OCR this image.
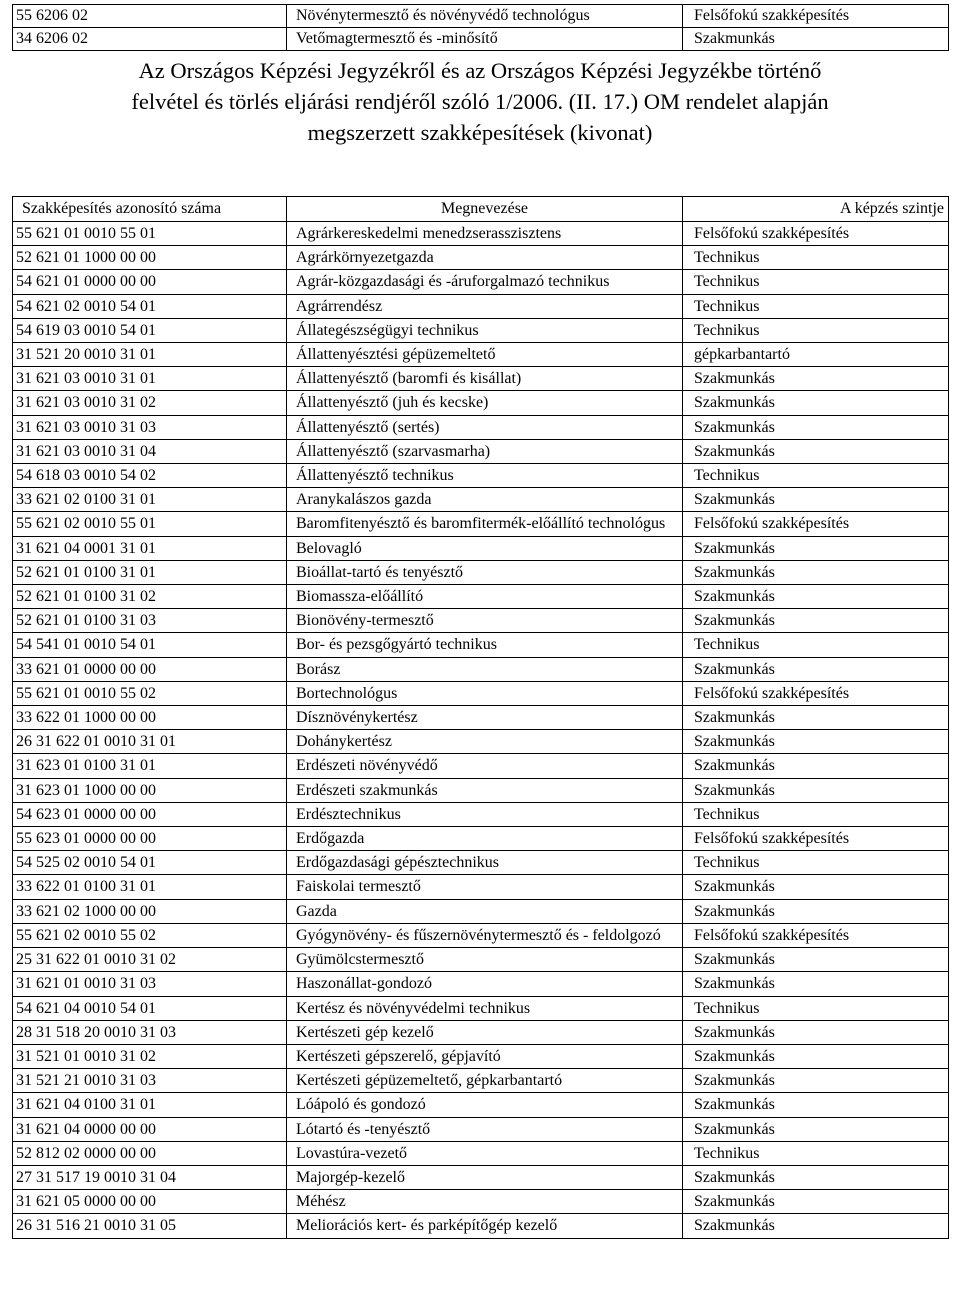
55 6206 02	Növénytermesztő és növényvédő technológus	Felsőfokú szakképesítés
34 6206 02	Vetőmagtermesztő és -minősítő	Szakmunkás
Az Országos Képzési Jegyzékről és az Országos Képzési Jegyzékbe történő
felvétel és törlés eljárási rendjéről szóló 1/2006. (II. 17.) OM rendelet alapján
megszerzett szakképesítések (kivonat)
Szakképesítés azonosító száma	Megnevezése	A képzés szintje
55 621 01 0010 55 01	Agrárkereskedelmi menedzserasszisztens	Felsőfokú szakképesítés
52 621 01 1000 00 00	Agrárkörnyezetgazda	Technikus
54 621 01 0000 00 00	Agrár-közgazdasági és -áruforgalmazó technikus	Technikus
54 621 02 0010 54 01	Agrárrendész	Technikus
54 619 03 0010 54 01	Állategészségügyi technikus	Technikus
31 521 20 0010 31 01	Állattenyésztési gépüzemeltető	gépkarbantartó
31 621 03 0010 31 01	Állattenyésztő (baromfi és kisállat)	Szakmunkás
31 621 03 0010 31 02	Állattenyésztő (juh és kecske)	Szakmunkás
31 621 03 0010 31 03	Állattenyésztő (sertés)	Szakmunkás
31 621 03 0010 31 04	Állattenyésztő (szarvasmarha)	Szakmunkás
54 618 03 0010 54 02	Állattenyésztő technikus	Technikus
33 621 02 0100 31 01	Aranykalászos gazda	Szakmunkás
55 621 02 0010 55 01	Baromfitenyésztő és baromfitermék-előállító technológus	Felsőfokú szakképesítés
31 621 04 0001 31 01	Belovagló	Szakmunkás
52 621 01 0100 31 01	Bioállat-tartó és tenyésztő	Szakmunkás
52 621 01 0100 31 02	Biomassza-előállító	Szakmunkás
52 621 01 0100 31 03	Bionövény-termesztő	Szakmunkás
54 541 01 0010 54 01	Bor- és pezsgőgyártó technikus	Technikus
33 621 01 0000 00 00	Borász	Szakmunkás
55 621 01 0010 55 02	Bortechnológus	Felsőfokú szakképesítés
33 622 01 1000 00 00	Dísznövénykertész	Szakmunkás
26 31 622 01 0010 31 01	Dohánykertész	Szakmunkás
31 623 01 0100 31 01	Erdészeti növényvédő	Szakmunkás
31 623 01 1000 00 00	Erdészeti szakmunkás	Szakmunkás
54 623 01 0000 00 00	Erdésztechnikus	Technikus
55 623 01 0000 00 00	Erdőgazda	Felsőfokú szakképesítés
54 525 02 0010 54 01	Erdőgazdasági gépésztechnikus	Technikus
33 622 01 0100 31 01	Faiskolai termesztő	Szakmunkás
33 621 02 1000 00 00	Gazda	Szakmunkás
55 621 02 0010 55 02	Gyógynövény- és fűszernövénytermesztő és - feldolgozó	Felsőfokú szakképesítés
25 31 622 01 0010 31 02	Gyümölcstermesztő	Szakmunkás
31 621 01 0010 31 03	Haszonállat-gondozó	Szakmunkás
54 621 04 0010 54 01	Kertész és növényvédelmi technikus	Technikus
28 31 518 20 0010 31 03	Kertészeti gép kezelő	Szakmunkás
31 521 01 0010 31 02	Kertészeti gépszerelő, gépjavító	Szakmunkás
31 521 21 0010 31 03	Kertészeti gépüzemeltető, gépkarbantartó	Szakmunkás
31 621 04 0100 31 01	Lóápoló és gondozó	Szakmunkás
31 621 04 0000 00 00	Lótartó és -tenyésztő	Szakmunkás
52 812 02 0000 00 00	Lovastúra-vezető	Technikus
27 31 517 19 0010 31 04	Majorgép-kezelő	Szakmunkás
31 621 05 0000 00 00	Méhész	Szakmunkás
26 31 516 21 0010 31 05	Meliorációs kert- és parképítőgép kezelő	Szakmunkás
